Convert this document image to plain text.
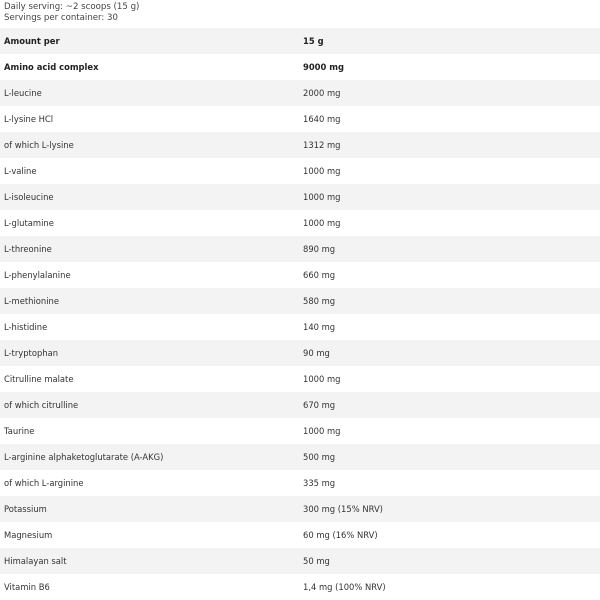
Daily serving: ~2 scoops (15 g)
Servings per container: 30
Amount per	15 g
Amino acid complex	9000 mg
L-leucine	2000 mg
L-lysine HCl	1640 mg
of which L-lysine	1312 mg
L-valine	1000 mg
L-isoleucine	1000 mg
L-glutamine	1000 mg
L-threonine	890 mg
L-phenylalanine	660 mg
L-methionine	580 mg
L-histidine	140 mg
L-tryptophan	90 mg
Citrulline malate	1000 mg
of which citrulline	670 mg
Taurine	1000 mg
L-arginine alphaketoglutarate (A-AKG)	500 mg
of which L-arginine	335 mg
Potassium	300 mg (15% NRV)
Magnesium	60 mg (16% NRV)
Himalayan salt	50 mg
Vitamin B6	1,4 mg (100% NRV)
